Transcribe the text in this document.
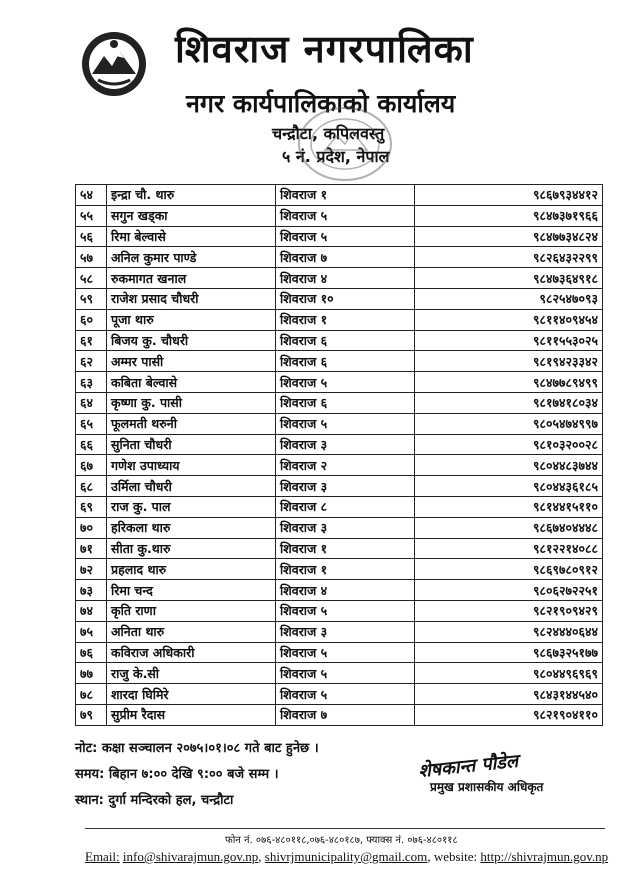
शिवराज नगरपालिका
नगर कार्यपालिकाको कार्यालय
चन्द्रौटा, कपिलवस्तु
५ नं. प्रदेश, नेपाल
५४	इन्द्रा चौ. थारु	शिवराज १	९८६७९३४४१२
५५	सगुन खड्का	शिवराज ५	९८४७३७१९६६
५६	रिमा बेल्वासे	शिवराज ५	९८४७७३४८२४
५७	अनिल कुमार पाण्डे	शिवराज ७	९८२६४३२२९९
५८	रुकमागत खनाल	शिवराज ४	९८४७३६४९१८
५९	राजेश प्रसाद चौधरी	शिवराज १०	९८२५४७०९३
६०	पूजा थारु	शिवराज १	९८११४०९४५४
६१	बिजय कु. चौधरी	शिवराज ६	९८११५५३०२५
६२	अम्मर पासी	शिवराज ६	९८१९४२३३४२
६३	कबिता बेल्वासे	शिवराज ५	९८४७७८९४९९
६४	कृष्णा कु. पासी	शिवराज ६	९८१७४१८०३४
६५	फूलमती थरुनी	शिवराज ५	९८०५४७४९९७
६६	सुनिता चौधरी	शिवराज ३	९८१०३२००२८
६७	गणेश उपाध्याय	शिवराज २	९८०४४८३७४४
६८	उर्मिला चौधरी	शिवराज ३	९८०४४३६१८५
६९	राज कु. पाल	शिवराज ८	९८१४४१५११०
७०	हरिकला थारु	शिवराज ३	९८६७४०४४४८
७१	सीता कु.थारु	शिवराज १	९८१२२१४०८८
७२	प्रहलाद थारु	शिवराज १	९८६९७८०९१२
७३	रिमा चन्द	शिवराज ४	९८०६२७२२५१
७४	कृति राणा	शिवराज ५	९८२१९०९४२९
७५	अनिता थारु	शिवराज ३	९८२४४४०६४४
७६	कविराज अधिकारी	शिवराज ५	९८६७३२५१७७
७७	राजु के.सी	शिवराज ५	९८०४४९६९६९
७८	शारदा घिमिरे	शिवराज ५	९८४३१४४५४०
७९	सुप्रीम रैदास	शिवराज ७	९८२१९०४११०
नोट: कक्षा सञ्चालन २०७५।०१।०८ गते बाट हुनेछ ।
समय: बिहान ७:०० देखि ९:०० बजे सम्म ।
स्थान: दुर्गा मन्दिरको हल, चन्द्रौटा
शेषकान्त पौडेल
प्रमुख प्रशासकीय अधिकृत
फोन नं. ०७६-४८०११८,०७६-४८०१८७, फ्याक्स नं. ०७६-४८०११८
Email: info@shivarajmun.gov.np, shivrjmunicipality@gmail.com, website: http://shivrajmun.gov.np
